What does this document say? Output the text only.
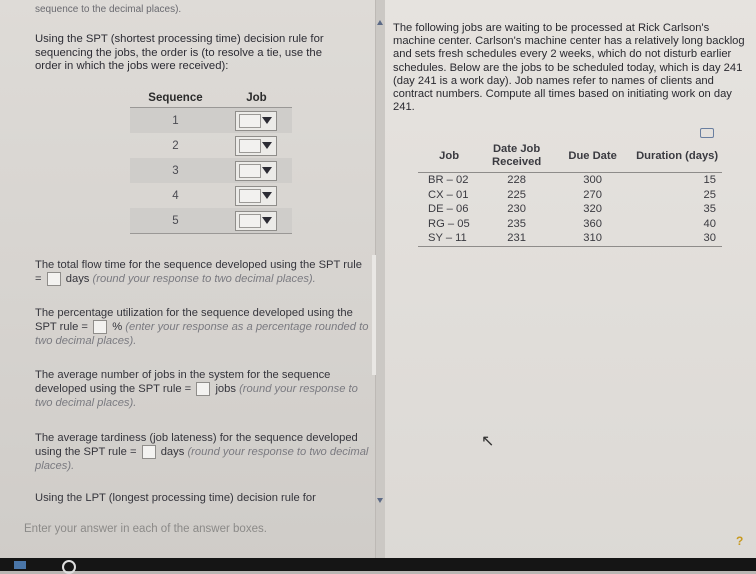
sequence to the decimal places).
Using the SPT (shortest processing time) decision rule for sequencing the jobs, the order is (to resolve a tie, use the order in which the jobs were received):
Sequence	Job
1	

2	

3	

4	

5	
The total flow time for the sequence developed using the SPT rule = days (round your response to two decimal places).
The percentage utilization for the sequence developed using the SPT rule = % (enter your response as a percentage rounded to two decimal places).
The average number of jobs in the system for the sequence developed using the SPT rule = jobs (round your response to two decimal places).
The average tardiness (job lateness) for the sequence developed using the SPT rule = days (round your response to two decimal places).
Using the LPT (longest processing time) decision rule for
Enter your answer in each of the answer boxes.
The following jobs are waiting to be processed at Rick Carlson's machine center. Carlson's machine center has a relatively long backlog and sets fresh schedules every 2 weeks, which do not disturb earlier schedules. Below are the jobs to be scheduled today, which is day 241 (day 241 is a work day). Job names refer to names of clients and contract numbers. Compute all times based on initiating work on day 241.
Job	Date Job Received	Due Date	Duration (days)
BR – 02	228	300	15
CX – 01	225	270	25
DE – 06	230	320	35
RG – 05	235	360	40
SY – 11	231	310	30
↖
?
